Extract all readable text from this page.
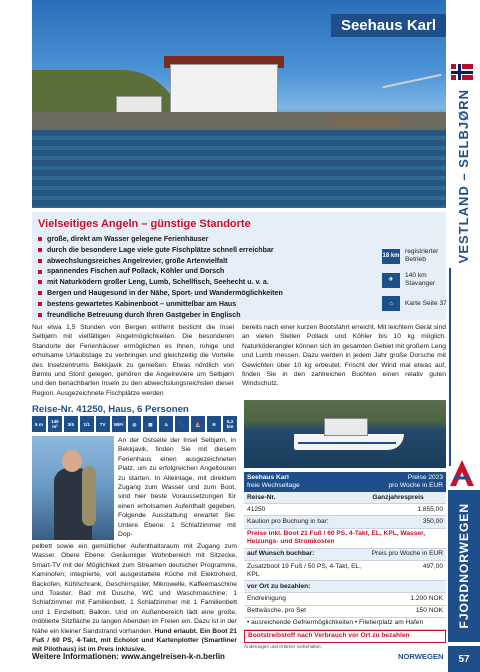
Seehaus Karl
VESTLAND – SELBJØRN
FJORDNORWEGEN
57
Vielseitiges Angeln – günstige Standorte
große, direkt am Wasser gelegene Ferienhäuser
durch die besondere Lage viele gute Fischplätze schnell erreichbar
abwechslungsreiches Angelrevier, große Artenvielfalt
spannendes Fischen auf Pollack, Köhler und Dorsch
mit Naturködern großer Leng, Lumb, Schellfisch, Seehecht u. v. a.
Bergen und Haugesund in der Nähe, Sport- und Wandermöglichkeiten
bestens gewartetes Kabinenboot – unmittelbar am Haus
freundliche Betreuung durch Ihren Gastgeber in Englisch
18 km
registrierter Betrieb
✈
140 km Stavanger
⌂	Karte Seite 37
Nur etwa 1,5 Stunden von Bergen entfernt besticht die Insel Selbjørn mit vielfältigen Angelmöglichkeiten. Die besonderen Standorte der Ferienhäuser ermöglichen es Ihnen, ruhige und erholsame Urlaubstage zu verbringen und gleichzeitig die Vorteile des Inselzentrums Bekkjavik zu genießen. Etwas nördlich von Bømlo und Stord gelegen, gehören die Angelreviere um Selbjørn und den benachbarten Inseln zu den abwechslungsreichsten dieser Region. Ausgezeichnete Fischplätze werden
bereits nach einer kurzen Bootsfahrt erreicht. Mit leichtem Gerät sind an vielen Stellen Pollack und Köhler bis 10 kg möglich. Naturköderangler können sich im gesamten Gebiet mit großem Leng und Lumb messen. Dazu werden in jedem Jahr große Dorsche mit Gewichten über 10 kg erbeutet. Frischt der Wind mal etwas auf, finden Sie in den zahlreichen Buchten einen relativ guten Windschutz.
Reise-Nr. 41250, Haus, 6 Personen
5 m	140 m²	3/6	1/1	TV	WiFi	◎	▤	♨	🐾	⛵	≋	5,3 km
An der Ostseite der Insel Selbjørn, in Bekkjavik, finden Sie mit diesem Ferienhaus einen ausgezeichneten Platz, um zu erfolgreichen Angeltouren zu starten. In Alleinlage, mit direktem Zugang zum Wasser und zum Boot, sind hier beste Voraussetzungen für einen erholsamen Aufenthalt gegeben. Folgende Ausstattung erwartet Sie: Untere Ebene: 1 Schlafzimmer mit Dop-
pelbett sowie ein gemütlicher Aufenthaltsraum mit Zugang zum Wasser. Obere Ebene: Geräumiger Wohnbereich mit Sitzecke, Smart-TV mit der Möglichkeit zum Streamen deutscher Programme, Kaminofen; integrierte, voll ausgestattete Küche mit Elektroherd, Backofen, Kühlschrank, Geschirrspüler, Mikrowelle, Kaffeemaschine und Toaster; Bad mit Dusche, WC und Waschmaschine; 1 Schlafzimmer mit Familienbett, 1 Schlafzimmer mit 1 Familienbett und 1 Einzelbett; Balkon. Und im Außenbereich lädt eine große, möblierte Sitzfläche zu langen Abenden im Freien ein. Dazu ist in der Nähe ein kleiner Sandstrand vorhanden. Hund erlaubt. Ein Boot 21 Fuß / 60 PS, 4-Takt, mit Echolot und Kartenplotter (Smartliner mit Pilothaus) ist im Preis inklusive.
Seehaus Karl
freie Wechseltage
Preise 2023
pro Woche in EUR
Reise-Nr.	Ganzjahrespreis
41250	1.855,00
Kaution pro Buchung in bar:	350,00
Preise inkl. Boot 21 Fuß / 60 PS, 4-Takt, EL, KPL, Wasser, Heizungs- und Stromkosten
auf Wunsch buchbar:	Preis pro Woche in EUR
Zusatzboot 19 Fuß / 50 PS, 4-Takt, EL, KPL
497,00
vor Ort zu bezahlen:
Endreinigung	1.200 NOK
Bettwäsche, pro Set	150 NOK
• ausreichende Gefriermöglichkeiten • Filetierplatz am Hafen
Bootstreibstoff nach Verbrauch vor Ort zu bezahlen
Änderungen und Irrtümer vorbehalten.
Weitere Informationen: www.angelreisen-k-n.berlin	NORWEGEN
